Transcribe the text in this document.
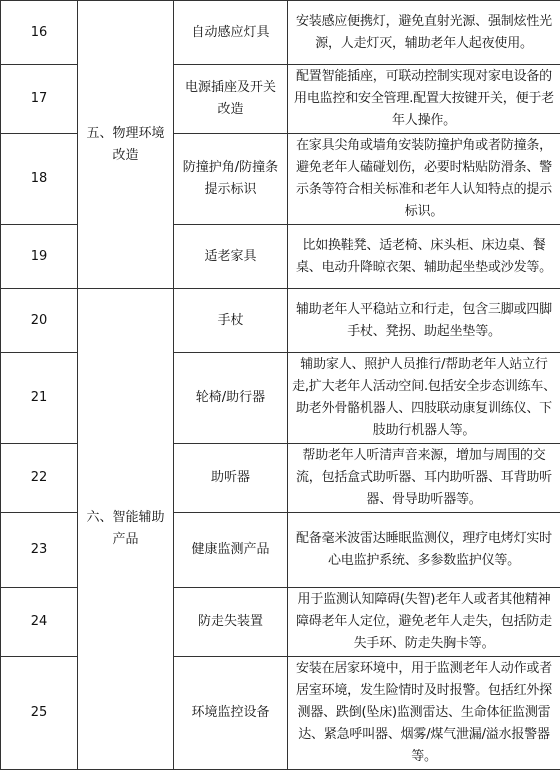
16	五、物理环境改造	自动感应灯具	安装感应便携灯，避免直射光源、强制炫性光源，人走灯灭，辅助老年人起夜使用。
17		电源插座及开关改造	配置智能插座，可联动控制实现对家电设备的用电监控和安全管理.配置大按键开关，便于老年人操作。
18		防撞护角/防撞条提示标识	在家具尖角或墙角安装防撞护角或者防撞条，避免老年人磕碰划伤，必要时粘贴防滑条、警示条等符合相关标准和老年人认知特点的提示标识。
19		适老家具	比如换鞋凳、适老椅、床头柜、床边桌、餐桌、电动升降晾衣架、辅助起坐垫或沙发等。
20	六、智能辅助产品	手杖	辅助老年人平稳站立和行走，包含三脚或四脚手杖、凳拐、助起坐垫等。
21		轮椅/助行器	辅助家人、照护人员推行/帮助老年人站立行走,扩大老年人活动空间.包括安全步态训练车、助老外骨骼机器人、四肢联动康复训练仪、下肢助行机器人等。
22		助听器	帮助老年人听清声音来源，增加与周围的交流，包括盒式助听器、耳内助听器、耳背助听器、骨导助听器等。
23		健康监测产品	配备毫米波雷达睡眠监测仪，理疗电烤灯实时心电监护系统、多参数监护仪等。
24		防走失装置	用于监测认知障碍(失智)老年人或者其他精神障碍老年人定位，避免老年人走失，包括防走失手环、防走失胸卡等。
25		环境监控设备	安装在居家环境中，用于监测老年人动作或者居室环境，发生险情时及时报警。包括红外探测器、跌倒(坠床)监测雷达、生命体征监测雷达、紧急呼叫器、烟雾/煤气泄漏/溢水报警器等。
